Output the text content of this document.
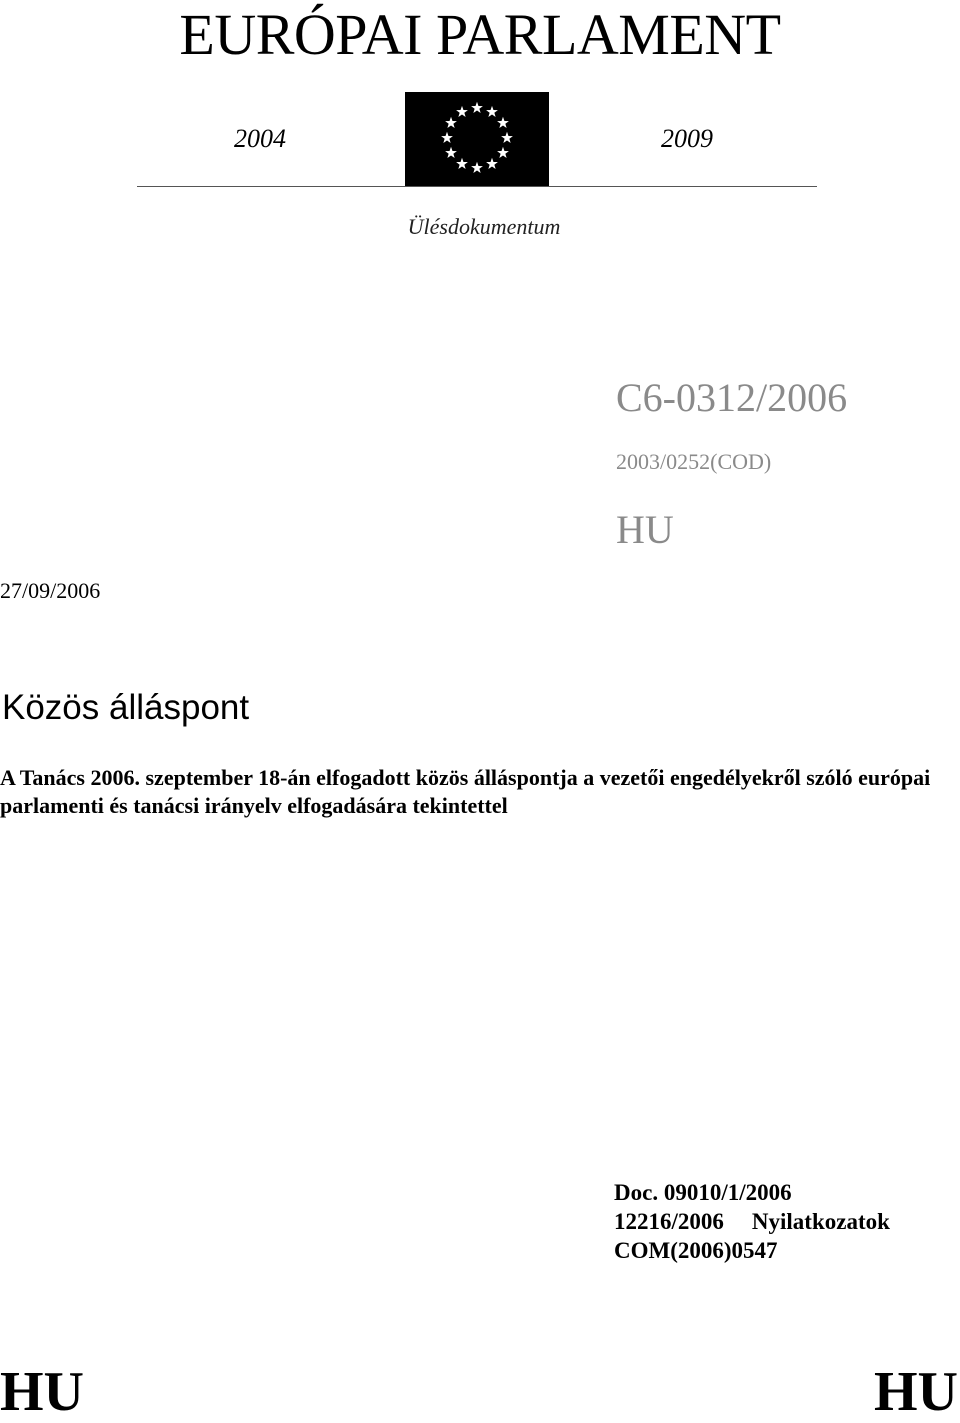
EURÓPAI PARLAMENT
2004	2009
Ülésdokumentum
C6-0312/2006
2003/0252(COD)
HU
27/09/2006
Közös álláspont
A Tanács 2006. szeptember 18-án elfogadott közös álláspontja a vezetői engedélyekről szóló európai parlamenti és tanácsi irányelv elfogadására tekintettel
Doc. 09010/1/2006
12216/2006 Nyilatkozatok
COM(2006)0547
HU	HU
